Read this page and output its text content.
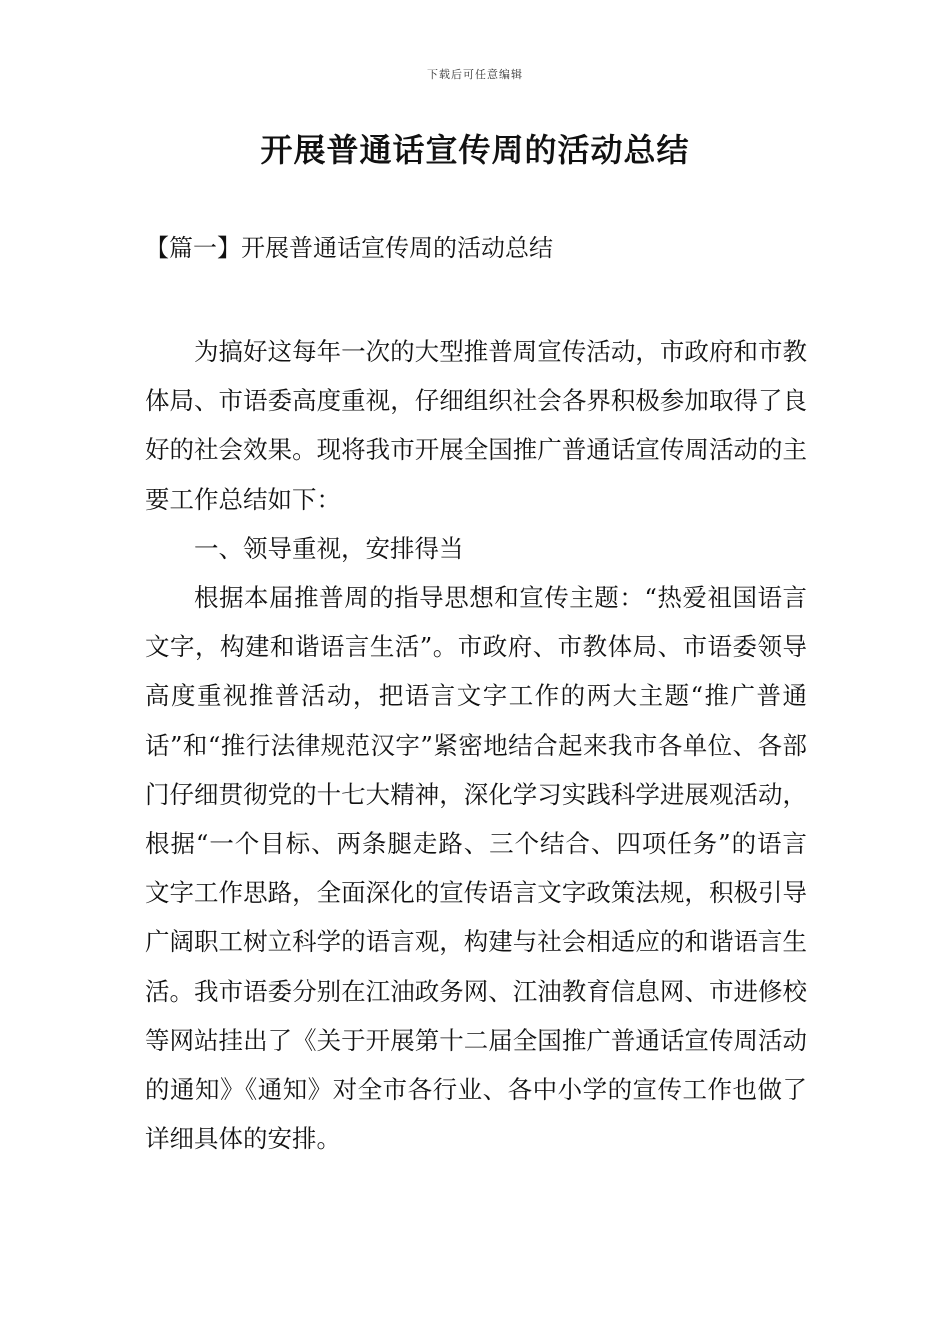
下载后可任意编辑
开展普通话宣传周的活动总结
【篇一】开展普通话宣传周的活动总结

为搞好这每年一次的大型推普周宣传活动，市政府和市教体局、市语委高度重视，仔细组织社会各界积极参加取得了良好的社会效果。现将我市开展全国推广普通话宣传周活动的主要工作总结如下：

一、领导重视，安排得当

根据本届推普周的指导思想和宣传主题：“热爱祖国语言文字，构建和谐语言生活”。市政府、市教体局、市语委领导高度重视推普活动，把语言文字工作的两大主题“推广普通话”和“推行法律规范汉字”紧密地结合起来我市各单位、各部门仔细贯彻党的十七大精神，深化学习实践科学进展观活动，根据“一个目标、两条腿走路、三个结合、四项任务”的语言文字工作思路，全面深化的宣传语言文字政策法规，积极引导广阔职工树立科学的语言观，构建与社会相适应的和谐语言生活。我市语委分别在江油政务网、江油教育信息网、市进修校等网站挂出了《关于开展第十二届全国推广普通话宣传周活动的通知》《通知》对全市各行业、各中小学的宣传工作也做了详细具体的安排。
